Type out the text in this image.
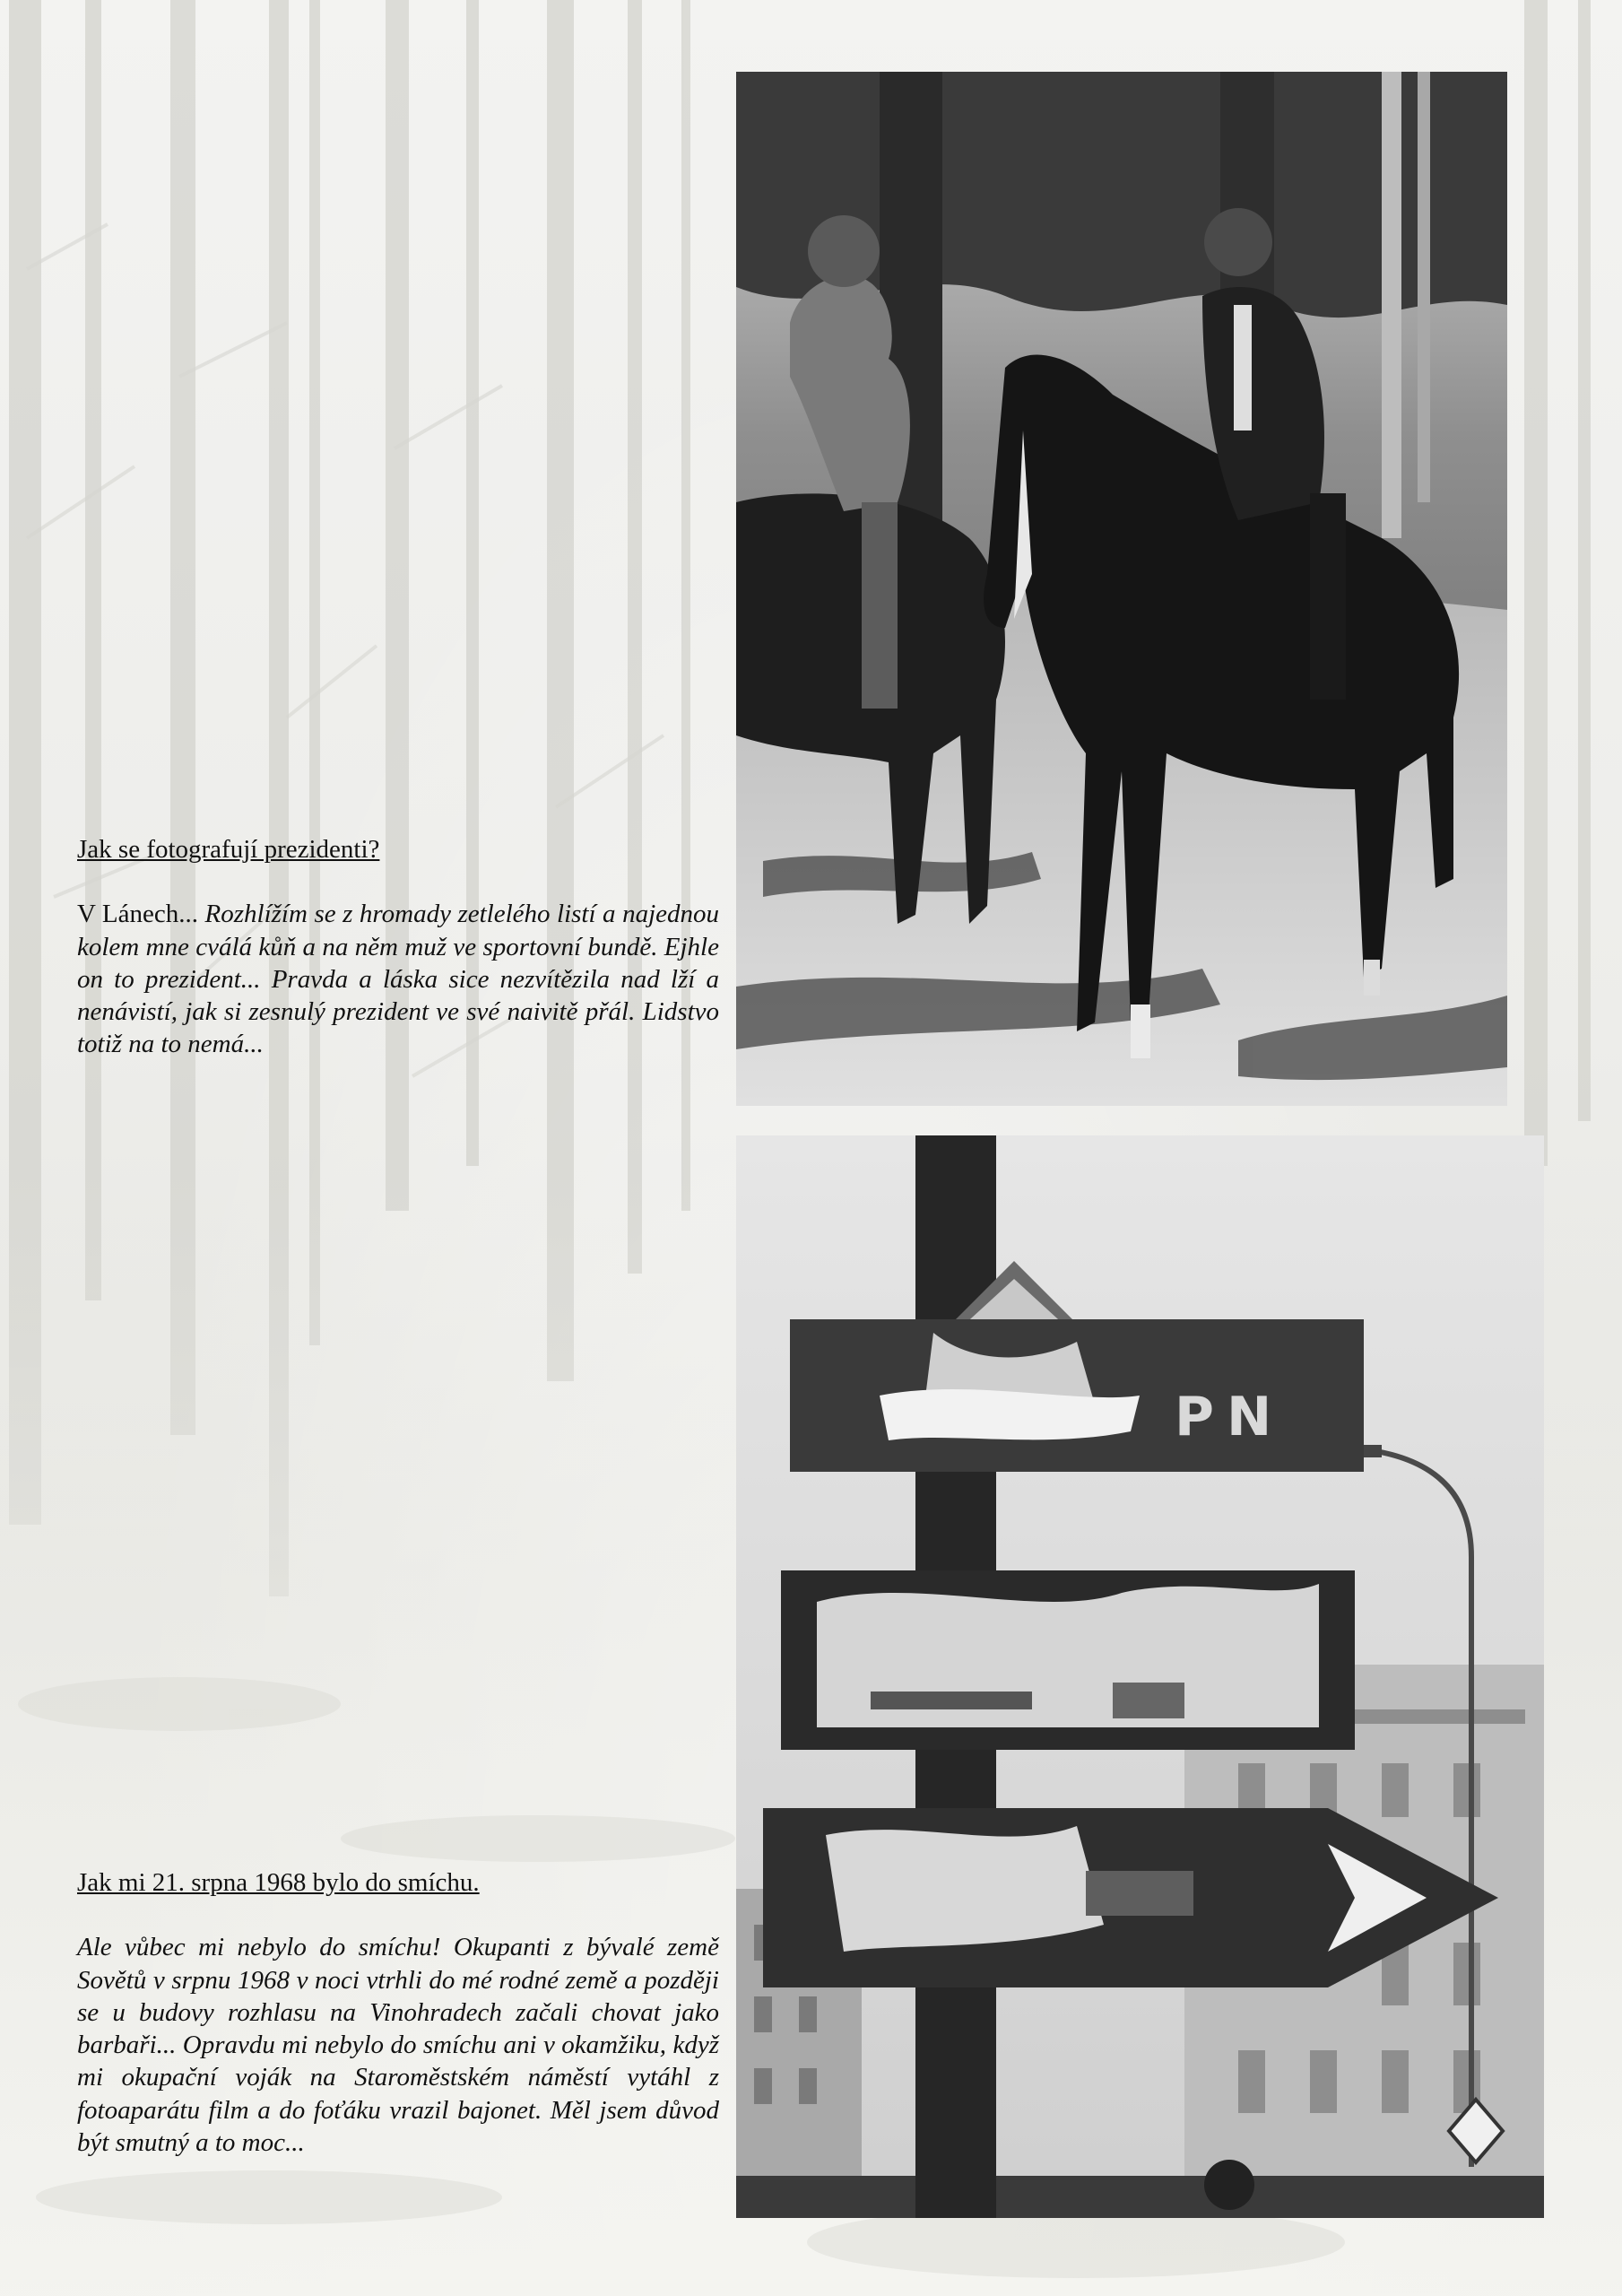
Jak se fotografují prezidenti?
V Lánech... Rozhlížím se z hromady zetlelého listí a najednou kolem mne cválá kůň a na něm muž ve sportovní bundě. Ejhle on to prezident... Pravda a láska sice nezvítězila nad lží a nenávistí, jak si zesnulý prezident ve své naivitě přál. Lidstvo totiž na to nemá...
Jak mi 21. srpna 1968 bylo do smíchu.
Ale vůbec mi nebylo do smíchu! Okupanti z bývalé země Sovětů v srpnu 1968 v noci vtrhli do mé rodné země a později se u budovy rozhlasu na Vinohradech začali chovat jako barbaři... Opravdu mi nebylo do smíchu ani v okamžiku, když mi okupační voják na Staroměstském náměstí vytáhl z fotoaparátu film a do foťáku vrazil bajonet. Měl jsem důvod být smutný a to moc...
PN
